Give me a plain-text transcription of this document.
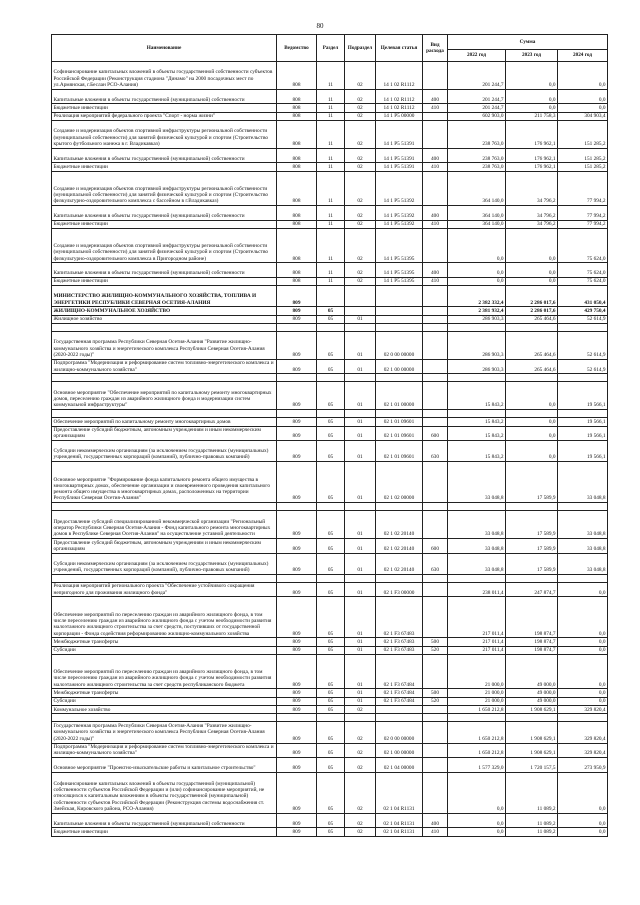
80
Наименование	Ведомство	Раздел	Подраздел	Целевая статья	Вид расхода	Сумма		
						2022 год	2023 год	2024 год
Софинансирование капитальных вложений в объекты государственной собственности субъектов Российской Федерации (Реконструкция стадиона "Динамо" на 2000 посадочных мест по ул.Армянская, г.Беслан РСО-Алания)	808	11	02	14 1 02 R1112		201 244,7	0,0	0,0
Капитальные вложения в объекты государственной (муниципальной) собственности	808	11	02	14 1 02 R1112	400	201 244,7	0,0	0,0
Бюджетные инвестиции	808	11	02	14 1 02 R1112	410	201 244,7	0,0	0,0
Реализация мероприятий федерального проекта "Спорт - норма жизни"	808	11	02	14 1 P5 00000		602 903,0	211 758,3	304 903,4
Создание и модернизация объектов спортивной инфраструктуры региональной собственности (муниципальной собственности) для занятий физической культурой и спортом (Строительство крытого футбольного манежа в г. Владикавказ)	808	11	02	14 1 P5 51391		238 763,0	176 962,1	151 285,2
Капитальные вложения в объекты государственной (муниципальной) собственности	808	11	02	14 1 P5 51391	400	238 763,0	176 962,1	151 285,2
Бюджетные инвестиции	808	11	02	14 1 P5 51391	410	238 763,0	176 962,1	151 285,2
Создание и модернизация объектов спортивной инфраструктуры региональной собственности (муниципальной собственности) для занятий физической культурой и спортом (Строительство физкультурно-оздоровительного комплекса с бассейном в г.Владикавказ)	808	11	02	14 1 P5 51392		364 140,0	34 796,2	77 994,2
Капитальные вложения в объекты государственной (муниципальной) собственности	808	11	02	14 1 P5 51392	400	364 140,0	34 796,2	77 994,2
Бюджетные инвестиции	808	11	02	14 1 P5 51392	410	364 140,0	34 796,2	77 994,2
Создание и модернизация объектов спортивной инфраструктуры региональной собственности (муниципальной собственности) для занятий физической культурой и спортом (Строительство физкультурно-оздоровительного комплекса в Пригородном районе)	808	11	02	14 1 P5 51395		0,0	0,0	75 624,0
Капитальные вложения в объекты государственной (муниципальной) собственности	808	11	02	14 1 P5 51395	400	0,0	0,0	75 624,0
Бюджетные инвестиции	808	11	02	14 1 P5 51395	410	0,0	0,0	75 624,0
МИНИСТЕРСТВО ЖИЛИЩНО-КОММУНАЛЬНОГО ХОЗЯЙСТВА, ТОПЛИВА И ЭНЕРГЕТИКИ РЕСПУБЛИКИ СЕВЕРНАЯ ОСЕТИЯ-АЛАНИЯ	809					2 382 332,4	2 286 017,6	431 050,4
ЖИЛИЩНО-КОММУНАЛЬНОЕ ХОЗЯЙСТВО	809	05				2 381 932,4	2 286 017,6	429 750,4
Жилищное хозяйство	809	05	01			286 903,3	265 464,6	52 614,9

Государственная программа Республики Северная Осетия-Алания "Развитие жилищно-коммунального хозяйства и энергетического комплекса Республики Северная Осетия-Алания (2020-2022 годы)"	809	05	01	02 0 00 00000		286 903,3	265 464,6	52 614,9
Подпрограмма "Модернизация и реформирование систем топливно-энергетического комплекса и жилищно-коммунального хозяйства"	809	05	01	02 1 00 00000		286 903,3	265 464,6	52 614,9

Основное мероприятие "Обеспечение мероприятий по капитальному ремонту многоквартирных домов, переселению граждан из аварийного жилищного фонда и модернизации систем коммунальной инфраструктуры"	809	05	01	02 1 01 00000		15 843,2	0,0	19 566,1

Обеспечение мероприятий по капитальному ремонту многоквартирных домов	809	05	01	02 1 01 09601		15 843,2	0,0	19 566,1
Предоставление субсидий бюджетным, автономным учреждениям и иным некоммерческим организациям	809	05	01	02 1 01 09601	600	15 843,2	0,0	19 566,1
Субсидии некоммерческим организациям (за исключением государственных (муниципальных) учреждений, государственных корпораций (компаний), публично-правовых компаний)	809	05	01	02 1 01 09601	630	15 843,2	0,0	19 566,1
Основное мероприятие "Формирование фонда капитального ремонта общего имущества в многоквартирных домах, обеспечение организации и своевременного проведения капитального ремонта общего имущества в многоквартирных домах, расположенных на территории Республики Северная Осетия-Алания"	809	05	01	02 1 02 00000		33 048,8	17 589,9	33 048,8

Предоставление субсидий специализированной некоммерческой организации "Региональный оператор Республики Северная Осетия-Алания - Фонд капитального ремонта многоквартирных домов в Республике Северная Осетия-Алания" на осуществление уставной деятельности	809	05	01	02 1 02 20140		33 048,8	17 589,9	33 048,8
Предоставление субсидий бюджетным, автономным учреждениям и иным некоммерческим организациям	809	05	01	02 1 02 20140	600	33 048,8	17 589,9	33 048,8
Субсидии некоммерческим организациям (за исключением государственных (муниципальных) учреждений, государственных корпораций (компаний), публично-правовых компаний)	809	05	01	02 1 02 20140	630	33 048,8	17 589,9	33 048,8

Реализация мероприятий регионального проекта "Обеспечение устойчивого сокращения непригодного для проживания жилищного фонда"	809	05	01	02 1 F3 00000		238 011,4	247 874,7	0,0
Обеспечение мероприятий по переселению граждан из аварийного жилищного фонда, в том числе переселению граждан из аварийного жилищного фонда с учетом необходимости развития малоэтажного жилищного строительства за счет средств, поступивших от государственной корпорации - Фонда содействия реформированию жилищно-коммунального хозяйства	809	05	01	02 1 F3 67483		217 011,4	198 874,7	0,0
Межбюджетные трансферты	809	05	01	02 1 F3 67483	500	217 011,4	198 874,7	0,0
Субсидии	809	05	01	02 1 F3 67483	520	217 011,4	198 874,7	0,0
Обеспечение мероприятий по переселению граждан из аварийного жилищного фонда, в том числе переселению граждан из аварийного жилищного фонда с учетом необходимости развития малоэтажного жилищного строительства за счет средств республиканского бюджета	809	05	01	02 1 F3 67484		21 000,0	49 000,0	0,0
Межбюджетные трансферты	809	05	01	02 1 F3 67484	500	21 000,0	49 000,0	0,0
Субсидии	809	05	01	02 1 F3 67484	520	21 000,0	49 000,0	0,0
Коммунальное хозяйство	809	05	02			1 650 212,8	1 908 629,1	329 820,4

Государственная программа Республики Северная Осетия-Алания "Развитие жилищно-коммунального хозяйства и энергетического комплекса Республики Северная Осетия-Алания (2020-2022 годы)"	809	05	02	02 0 00 00000		1 650 212,8	1 908 629,1	329 820,4
Подпрограмма "Модернизация и реформирование систем топливно-энергетического комплекса и жилищно-коммунального хозяйства"	809	05	02	02 1 00 00000		1 650 212,8	1 908 629,1	329 820,4
Основное мероприятие "Проектно-изыскательские работы и капитальное строительство"	809	05	02	02 1 04 00000		1 577 329,0	1 720 157,5	273 950,9
Софинансирование капитальных вложений в объекты государственной (муниципальной) собственности субъектов Российской Федерации и (или) софинансирование мероприятий, не относящихся к капитальным вложениям в объекты государственной (муниципальной) собственности субъектов Российской Федерации (Реконструкция системы водоснабжения ст. Змейская, Кировского района, РСО-Алания)	809	05	02	02 1 04 R1131		0,0	11 089,2	0,0
Капитальные вложения в объекты государственной (муниципальной) собственности	809	05	02	02 1 04 R1131	400	0,0	11 089,2	0,0
Бюджетные инвестиции	809	05	02	02 1 04 R1131	410	0,0	11 089,2	0,0
